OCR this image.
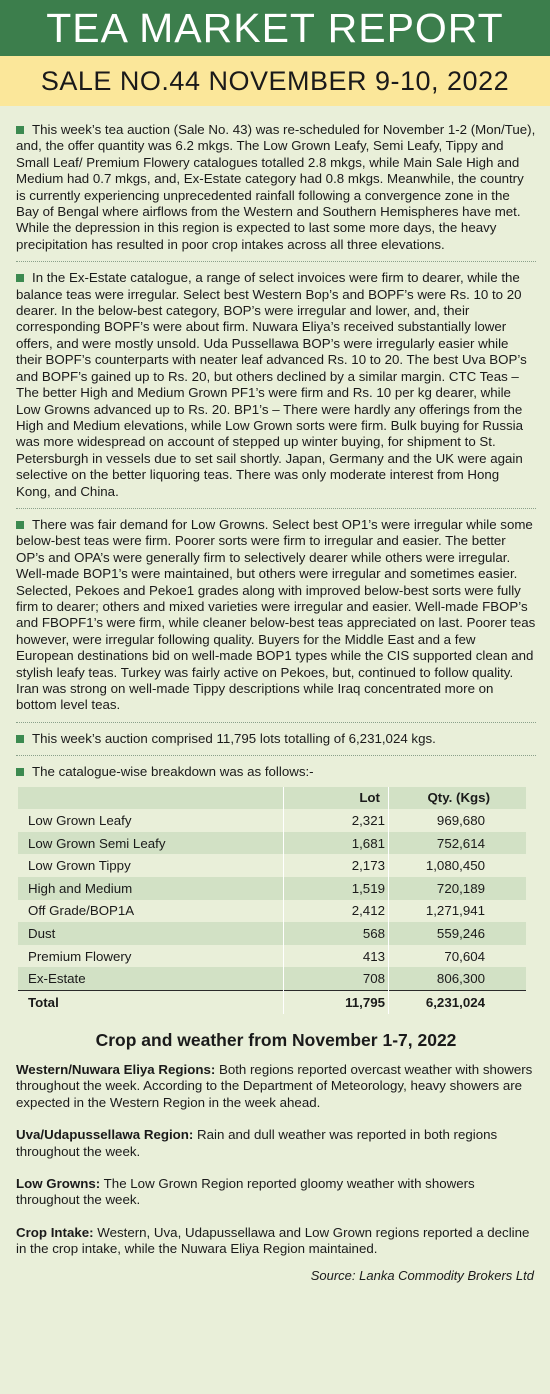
TEA MARKET REPORT
SALE NO.44 NOVEMBER 9-10, 2022

This week’s tea auction (Sale No. 43) was re-scheduled for November 1-2 (Mon/Tue), and, the offer quantity was 6.2 mkgs. The Low Grown Leafy, Semi Leafy, Tippy and Small Leaf/ Premium Flowery catalogues totalled 2.8 mkgs, while Main Sale High and Medium had 0.7 mkgs, and, Ex-Estate category had 0.8 mkgs. Meanwhile, the country is currently experiencing unprecedented rainfall following a convergence zone in the Bay of Bengal where airflows from the Western and Southern Hemispheres have met. While the depression in this region is expected to last some more days, the heavy precipitation has resulted in poor crop intakes across all three elevations.

In the Ex-Estate catalogue, a range of select invoices were firm to dearer, while the balance teas were irregular. Select best Western Bop’s and BOPF’s were Rs. 10 to 20 dearer. In the below-best category, BOP’s were irregular and lower, and, their corresponding BOPF’s were about firm. Nuwara Eliya’s received substantially lower offers, and were mostly unsold. Uda Pussellawa BOP’s were irregularly easier while their BOPF’s counterparts with neater leaf advanced Rs. 10 to 20. The best Uva BOP’s and BOPF’s gained up to Rs. 20, but others declined by a similar margin. CTC Teas – The better High and Medium Grown PF1’s were firm and Rs. 10 per kg dearer, while Low Growns advanced up to Rs. 20. BP1’s – There were hardly any offerings from the High and Medium elevations, while Low Grown sorts were firm. Bulk buying for Russia was more widespread on account of stepped up winter buying, for shipment to St. Petersburgh in vessels due to set sail shortly. Japan, Germany and the UK were again selective on the better liquoring teas. There was only moderate interest from Hong Kong, and China.

There was fair demand for Low Growns. Select best OP1’s were irregular while some below-best teas were firm. Poorer sorts were firm to irregular and easier. The better OP’s and OPA’s were generally firm to selectively dearer while others were irregular. Well-made BOP1’s were maintained, but others were irregular and sometimes easier. Selected, Pekoes and Pekoe1 grades along with improved below-best sorts were fully firm to dearer; others and mixed varieties were irregular and easier. Well-made FBOP’s and FBOPF1’s were firm, while cleaner below-best teas appreciated on last. Poorer teas however, were irregular following quality. Buyers for the Middle East and a few European destinations bid on well-made BOP1 types while the CIS supported clean and stylish leafy teas. Turkey was fairly active on Pekoes, but, continued to follow quality. Iran was strong on well-made Tippy descriptions while Iraq concentrated more on bottom level teas.

This week’s auction comprised 11,795 lots totalling of 6,231,024 kgs.

The catalogue-wise breakdown was as follows:-

	Lot	Qty. (Kgs)
Low Grown Leafy	2,321	969,680
Low Grown Semi Leafy	1,681	752,614
Low Grown Tippy	2,173	1,080,450
High and Medium	1,519	720,189
Off Grade/BOP1A	2,412	1,271,941
Dust	568	559,246
Premium Flowery	413	70,604
Ex-Estate	708	806,300
Total	11,795	6,231,024
Crop and weather from November 1-7, 2022

Western/Nuwara Eliya Regions: Both regions reported overcast weather with showers throughout the week. According to the Department of Meteorology, heavy showers are expected in the Western Region in the week ahead.

Uva/Udapussellawa Region: Rain and dull weather was reported in both regions throughout the week.

Low Growns: The Low Grown Region reported gloomy weather with showers throughout the week.

Crop Intake: Western, Uva, Udapussellawa and Low Grown regions reported a decline in the crop intake, while the Nuwara Eliya Region maintained.

Source: Lanka Commodity Brokers Ltd
